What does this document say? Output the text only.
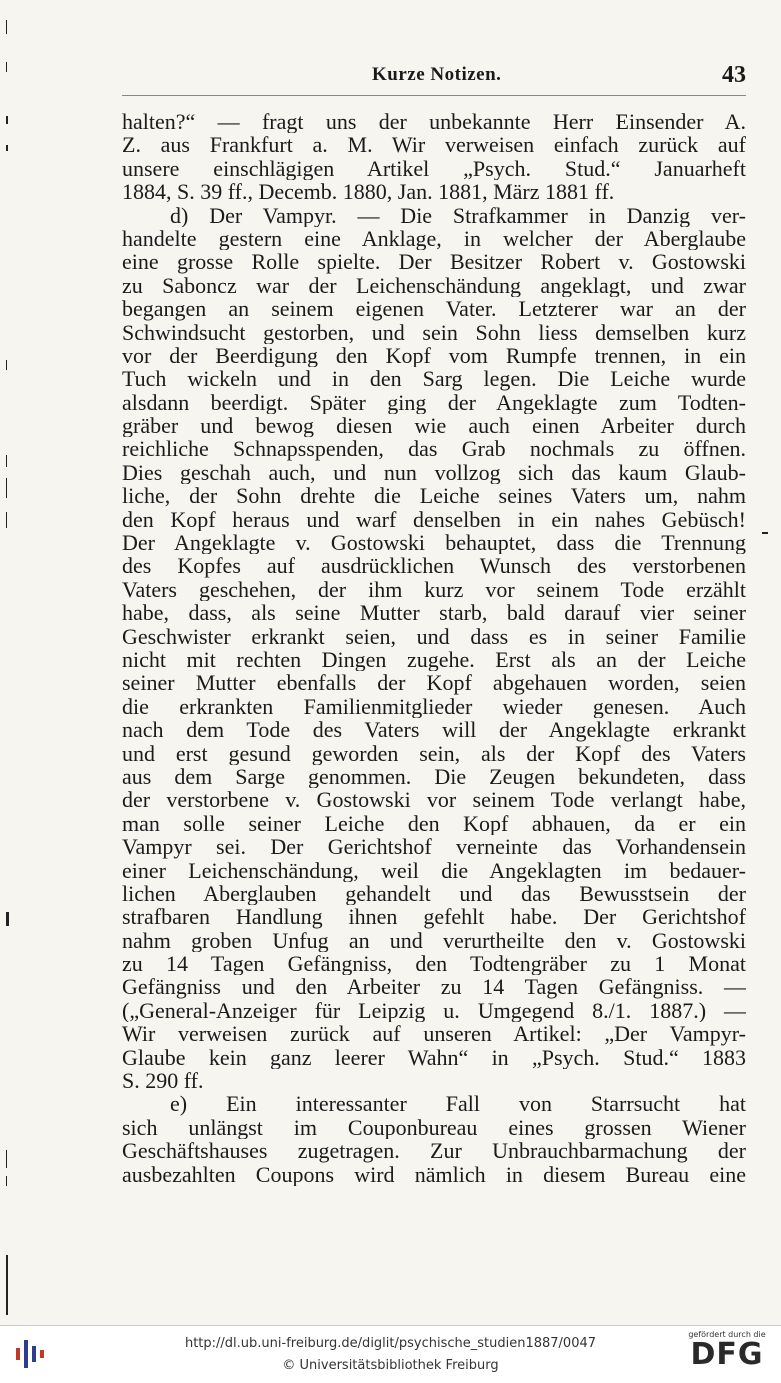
Kurze Notizen.	43
halten?“ — fragt uns der unbekannte Herr Einsender A.
Z. aus Frankfurt a. M. Wir verweisen einfach zurück auf
unsere einschlägigen Artikel „Psych. Stud.“ Januarheft
1884, S. 39 ff., Decemb. 1880, Jan. 1881, März 1881 ff.
d) Der Vampyr. — Die Strafkammer in Danzig ver-
handelte gestern eine Anklage, in welcher der Aberglaube
eine grosse Rolle spielte. Der Besitzer Robert v. Gostowski
zu Saboncz war der Leichenschändung angeklagt, und zwar
begangen an seinem eigenen Vater. Letzterer war an der
Schwindsucht gestorben, und sein Sohn liess demselben kurz
vor der Beerdigung den Kopf vom Rumpfe trennen, in ein
Tuch wickeln und in den Sarg legen. Die Leiche wurde
alsdann beerdigt. Später ging der Angeklagte zum Todten-
gräber und bewog diesen wie auch einen Arbeiter durch
reichliche Schnapsspenden, das Grab nochmals zu öffnen.
Dies geschah auch, und nun vollzog sich das kaum Glaub-
liche, der Sohn drehte die Leiche seines Vaters um, nahm
den Kopf heraus und warf denselben in ein nahes Gebüsch!
Der Angeklagte v. Gostowski behauptet, dass die Trennung
des Kopfes auf ausdrücklichen Wunsch des verstorbenen
Vaters geschehen, der ihm kurz vor seinem Tode erzählt
habe, dass, als seine Mutter starb, bald darauf vier seiner
Geschwister erkrankt seien, und dass es in seiner Familie
nicht mit rechten Dingen zugehe. Erst als an der Leiche
seiner Mutter ebenfalls der Kopf abgehauen worden, seien
die erkrankten Familienmitglieder wieder genesen. Auch
nach dem Tode des Vaters will der Angeklagte erkrankt
und erst gesund geworden sein, als der Kopf des Vaters
aus dem Sarge genommen. Die Zeugen bekundeten, dass
der verstorbene v. Gostowski vor seinem Tode verlangt habe,
man solle seiner Leiche den Kopf abhauen, da er ein
Vampyr sei. Der Gerichtshof verneinte das Vorhandensein
einer Leichenschändung, weil die Angeklagten im bedauer-
lichen Aberglauben gehandelt und das Bewusstsein der
strafbaren Handlung ihnen gefehlt habe. Der Gerichtshof
nahm groben Unfug an und verurtheilte den v. Gostowski
zu 14 Tagen Gefängniss, den Todtengräber zu 1 Monat
Gefängniss und den Arbeiter zu 14 Tagen Gefängniss. —
(„General-Anzeiger für Leipzig u. Umgegend 8./1. 1887.) —
Wir verweisen zurück auf unseren Artikel: „Der Vampyr-
Glaube kein ganz leerer Wahn“ in „Psych. Stud.“ 1883
S. 290 ff.
e) Ein interessanter Fall von Starrsucht hat
sich unlängst im Couponbureau eines grossen Wiener
Geschäftshauses zugetragen. Zur Unbrauchbarmachung der
ausbezahlten Coupons wird nämlich in diesem Bureau eine
http://dl.ub.uni-freiburg.de/diglit/psychische_studien1887/0047
© Universitätsbibliothek Freiburg
gefördert durch die
DFG
